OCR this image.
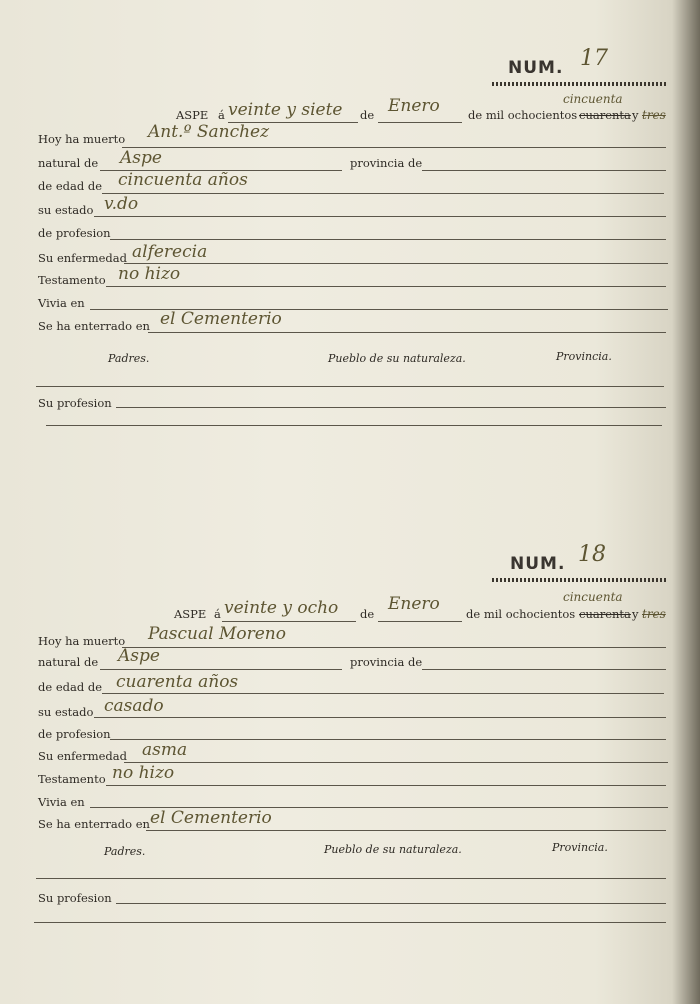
NUM. 17
cincuenta
ASPE á veinte y siete de Enero de mil ochocientos cuarenta y tres
Hoy ha muerto Ant.º Sanchez
natural de Aspe	provincia de
de edad de cincuenta años
su estado v.do
de profesion
Su enfermedad alferecia
Testamento no hizo
Vivia en
Se ha enterrado en el Cementerio
Padres.	Pueblo de su naturaleza.	Provincia.
Su profesion
NUM. 18
cincuenta
ASPE á veinte y ocho de Enero de mil ochocientos cuarenta y tres
Hoy ha muerto Pascual Moreno
natural de Aspe	provincia de
de edad de cuarenta años
su estado casado
de profesion
Su enfermedad asma
Testamento no hizo
Vivia en
Se ha enterrado en el Cementerio
Padres.	Pueblo de su naturaleza.	Provincia.
Su profesion
